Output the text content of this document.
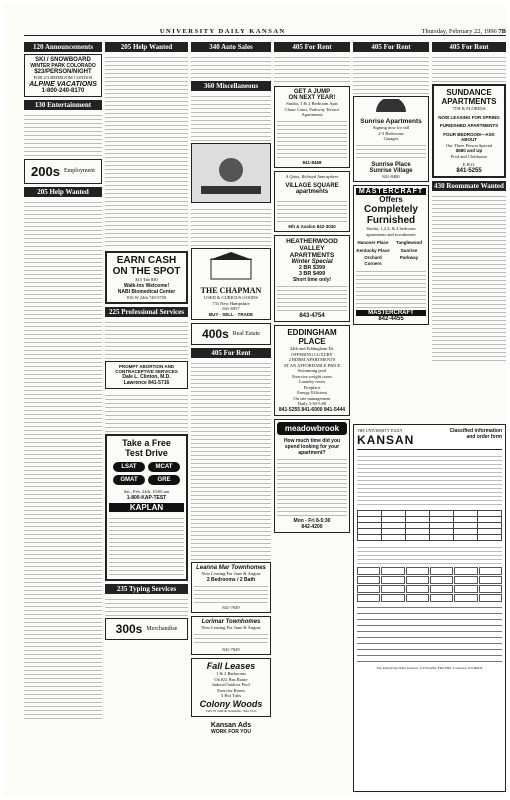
UNIVERSITY DAILY KANSAN	Thursday, February 22, 1996 7B
120 Announcements
SKI / SNOWBOARD
WINTER PARK COLORADO
$23/PERSON/NIGHT
FOR 2/3 BEDROOM CONDOS
ALPINE VACATIONS
1-800-240-8170
130 Entertainment
200s Employment
205 Help Wanted
205 Help Wanted
EARN CASH
ON THE SPOT
$15 Tab $30
Walk-ins Welcome!
NABI Biomedical Center
816 W 24th 749-5750
225 Professional Services
PROMPT ABORTION AND
CONTRACEPTIVE SERVICES
Dale L. Clinton, M.D.
Lawrence 841-5716
Take a Free
Test Drive
LSAT	MCAT
GMAT	GRE
Sat., Feb. 24th, 10:00 am
1-800-KAP-TEST
KAPLAN
235 Typing Services
300s Merchandise
340 Auto Sales
360 Miscellaneous
THE CHAPMAN
USED & CURIOUS GOODS
731 New Hampshire
841-6957
BUY · SELL · TRADE
400s Real Estate
405 For Rent
Leanna Mar Townhomes
Now Leasing For June & August
2 Bedrooms / 2 Bath
841-7849
Lorimar Townhomes
Now Leasing For June & August
841-7849
Fall Leases
1 & 2 Bedrooms
On KU Bus Route
Indoor/Outdoor Pool
Exercise Room
3 Hot Tubs
Colony Woods
1301 W 24th & Naismith • 842-5111
Kansan Ads
WORK FOR YOU
405 For Rent
GET A JUMP
ON NEXT YEAR!
Studio, 1 & 2 Bedroom Apts
Chase Court, Parkway Terrace Apartments
841-8468
A Quiet, Relaxed Atmosphere
VILLAGE SQUARE apartments
9th & Avalon 842-3040
HEATHERWOOD VALLEY APARTMENTS
Winter Special
2 BR $399
3 BR $499
Short time only!
843-4754
EDDINGHAM PLACE
24th and Eddingham Dr.
OFFERING LUXURY
2 BDRM APARTMENTS
AT AN AFFORDABLE PRICE
Swimming pool
Exercise weight room
Laundry room
Fireplace
Energy Efficient
On site management
Daily 3:30-5:00
841-5255 841-6000 841-5444
meadowbrook
How much time did you spend looking for your apartment?
Mon - Fri 8-5:30
842-4200
405 For Rent
Sunrise Apartments
Signing now for fall
2-3 Bedrooms
Garages
Sunrise Place
Sunrise Village
841-8400
MASTERCRAFT
Offers
Completely Furnished
Studio, 1,2,3, & 4 bedroom apartments and townhomes
Hanover Place	Tanglewood
Kentucky Place	Sunrise
Orchard Corners
Parkway
MASTERCRAFT
842-4455
405 For Rent
SUNDANCE APARTMENTS
7TH & FLORIDA
NOW LEASING FOR SPRING
FURNISHED APARTMENTS
FOUR BEDROOM—ASK ABOUT
Our Three Person Special
$680 and Up
Pool and Clubhouse
E.H.O.
841-5255
430 Roommate Wanted
THE UNIVERSITY DAILY
KANSAN
Classified information and order form

The University Daily Kansan, 119 Stauffer-Flint Hall, Lawrence, KS 66045
